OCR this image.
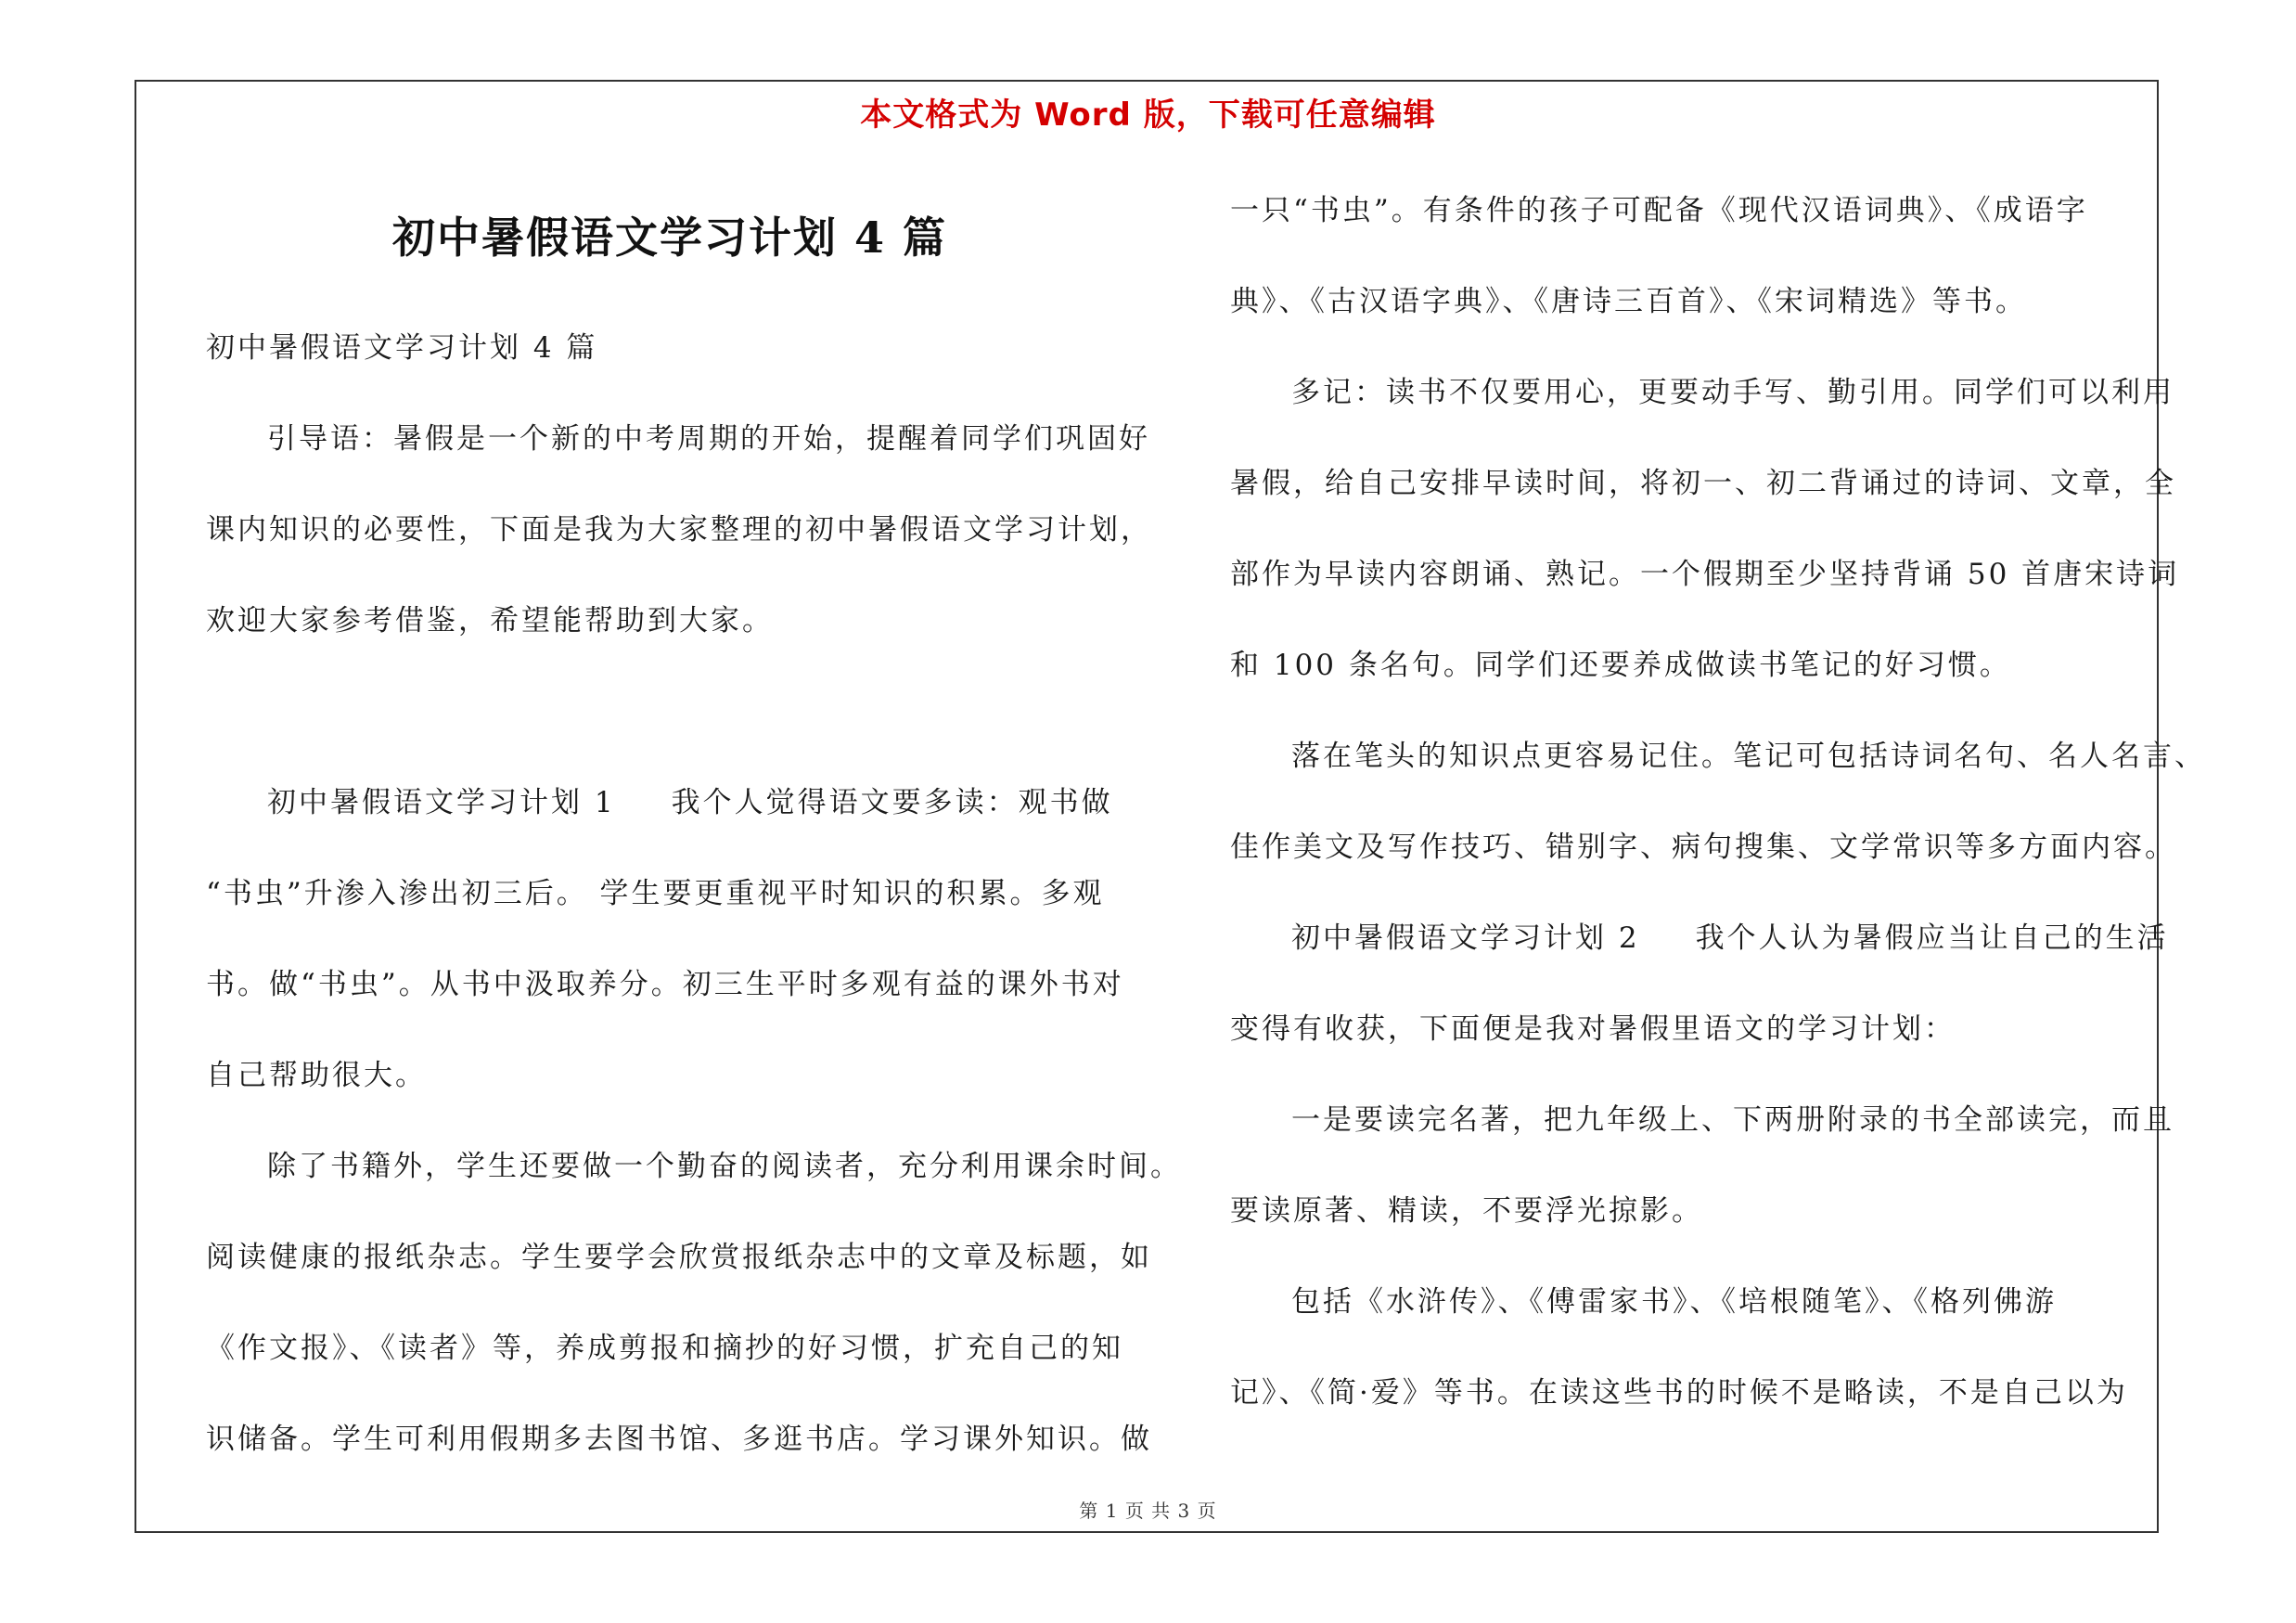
本文格式为 Word 版，下载可任意编辑
初中暑假语文学习计划 4 篇
初中暑假语文学习计划 4 篇
引导语：暑假是一个新的中考周期的开始，提醒着同学们巩固好
课内知识的必要性，下面是我为大家整理的初中暑假语文学习计划，
欢迎大家参考借鉴，希望能帮助到大家。
初中暑假语文学习计划 1 我个人觉得语文要多读：观书做
“书虫”升渗入渗出初三后。 学生要更重视平时知识的积累。多观
书。做“书虫”。从书中汲取养分。初三生平时多观有益的课外书对
自己帮助很大。
除了书籍外，学生还要做一个勤奋的阅读者，充分利用课余时间。
阅读健康的报纸杂志。学生要学会欣赏报纸杂志中的文章及标题，如
《作文报》、《读者》等，养成剪报和摘抄的好习惯，扩充自己的知
识储备。学生可利用假期多去图书馆、多逛书店。学习课外知识。做
一只“书虫”。有条件的孩子可配备《现代汉语词典》、《成语字
典》、《古汉语字典》、《唐诗三百首》、《宋词精选》等书。
多记：读书不仅要用心，更要动手写、勤引用。同学们可以利用
暑假，给自己安排早读时间，将初一、初二背诵过的诗词、文章，全
部作为早读内容朗诵、熟记。一个假期至少坚持背诵 50 首唐宋诗词
和 100 条名句。同学们还要养成做读书笔记的好习惯。
落在笔头的知识点更容易记住。笔记可包括诗词名句、名人名言、
佳作美文及写作技巧、错别字、病句搜集、文学常识等多方面内容。
初中暑假语文学习计划 2 我个人认为暑假应当让自己的生活
变得有收获，下面便是我对暑假里语文的学习计划：
一是要读完名著，把九年级上、下两册附录的书全部读完，而且
要读原著、精读，不要浮光掠影。
包括《水浒传》、《傅雷家书》、《培根随笔》、《格列佛游
记》、《简·爱》等书。在读这些书的时候不是略读，不是自己以为
第 1 页 共 3 页
